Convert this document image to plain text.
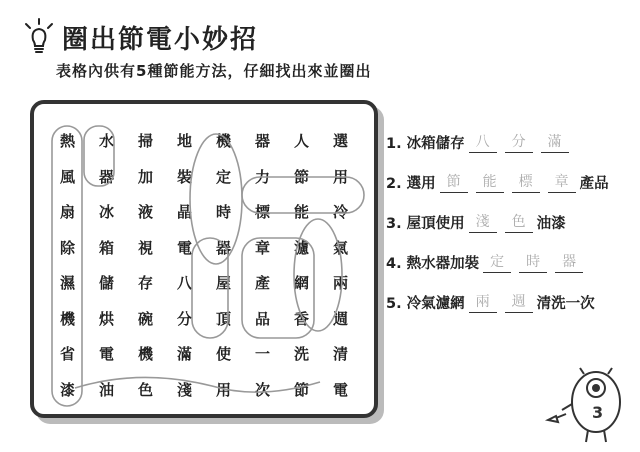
圈出節電小妙招
表格內供有5種節能方法，仔細找出來並圈出
熱	水	掃	地	機	器	人	選
風	器	加	裝	定	力	節	用
扇	冰	液	晶	時	標	能	冷
除	箱	視	電	器	章	濾	氣
濕	儲	存	八	屋	產	網	兩
機	烘	碗	分	頂	品	香	週
省	電	機	滿	使	一	洗	清
漆	油	色	淺	用	次	節	電
1. 冰箱儲存 八	分	滿
2. 選用 節	能	標	章 產品
3. 屋頂使用 淺	色 油漆
4. 熱水器加裝 定	時	器
5. 冷氣濾網 兩	週 清洗一次
3
